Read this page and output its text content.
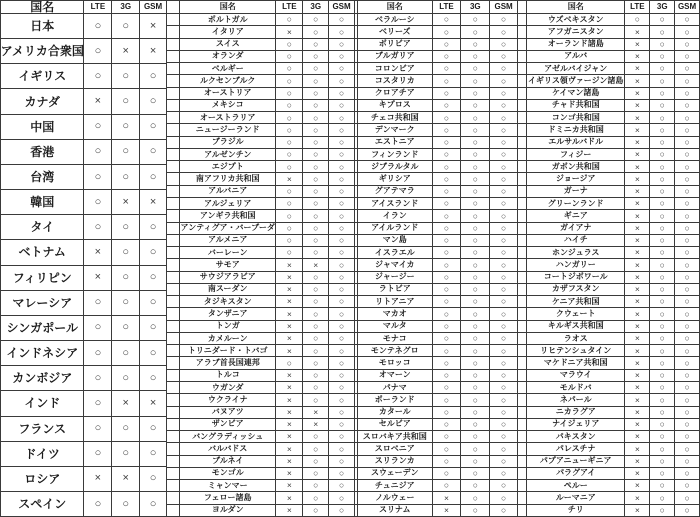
国名	LTE	3G	GSM
日本	○	○	×
アメリカ合衆国 ○	×	×
イギリス	○	○	○
カナダ	×	○	○
中国	○	○	○
香港	○	○	○
台湾	○	○	○
韓国	○	×	×
タイ	○	○	○
ベトナム	×	○	○
フィリピン	×	○	○
マレーシア	○	○	○
シンガポール	○	○	○
インドネシア	○	○	○
カンボジア	○	○	○
インド	○	×	×
フランス	○	○	○
ドイツ	○	○	○
ロシア	×	×	○
スペイン	○	○	○
国名	LTE	3G	GSM
ポルトガル	○	○	○
イタリア	×	○	○
スイス	○	○	○
オランダ	○	○	○
ベルギー	○	○	○
ルクセンブルク	○	○	○
オーストリア	○	○	○
メキシコ	○	○	○
オーストラリア	○	○	○
ニュージーランド	○	○	○
ブラジル	○	○	○
アルゼンチン	○	○	○
エジプト	○	○	○
南アフリカ共和国	×	○	○
アルバニア	○	○	○
アルジェリア	○	○	○
アンギラ共和国	○	○	○
アンティグア・バーブーダ	○	○	○
アルメニア	○	○	○
バーレーン	○	○	○
サモア	×	×	○
サウジアラビア	×	○	○
南スーダン	×	○	○
タジキスタン	×	○	○
タンザニア	×	○	○
トンガ	×	○	○
カメルーン	×	○	○
トリニダード・トバゴ	×	○	○
アラブ首長国連邦	○	○	○
トルコ	×	○	○
ウガンダ	×	○	○
ウクライナ	×	○	○
バヌアツ	×	×	○
ザンビア	×	×	○
バングラディッシュ	×	○	○
バルバドス	×	○	○
ブルネイ	×	○	○
モンゴル	×	○	○
ミャンマー	×	○	○
フェロー諸島	×	○	○
ヨルダン	×	○	○
国名	LTE	3G	GSM
ベラルーシ	○	○	○
ベリーズ	○	○	○
ボリビア	○	○	○
ブルガリア	○	○	○
コロンビア	○	○	○
コスタリカ	○	○	○
クロアチア	○	○	○
キプロス	○	○	○
チェコ共和国	○	○	○
デンマーク	○	○	○
エストニア	○	○	○
フィンランド	○	○	○
ジブラルタル	○	○	○
ギリシア	○	○	○
グアテマラ	○	○	○
アイスランド	○	○	○
イラン	○	○	○
アイルランド	○	○	○
マン島	○	○	○
イスラエル	○	○	○
ジャマイカ	○	○	○
ジャージー	○	○	○
ラトビア	○	○	○
リトアニア	○	○	○
マカオ	○	○	○
マルタ	○	○	○
モナコ	○	○	○
モンテネグロ	○	○	○
モロッコ	○	○	○
オマーン	○	○	○
パナマ	○	○	○
ポーランド	○	○	○
カタール	○	○	○
セルビア	○	○	○
スロバキア共和国	○	○	○
スロベニア	○	○	○
スリランカ	○	○	○
スウェーデン	○	○	○
チュニジア	○	○	○
ノルウェー	×	○	○
スリナム	×	○	○
国名	LTE	3G	GSM
ウズベキスタン	○	○	○
アフガニスタン	×	○	○
オーランド諸島	×	○	○
アルバ	×	○	○
アゼルバイジャン	×	○	○
イギリス領ヴァージン諸島	×	○	○
ケイマン諸島	×	○	○
チャド共和国	×	○	○
コンゴ共和国	×	○	○
ドミニカ共和国	×	○	○
エルサルバドル	×	○	○
フィジー	×	○	○
ガボン共和国	×	○	○
ジョージア	×	○	○
ガーナ	×	○	○
グリーンランド	×	○	○
ギニア	×	○	○
ガイアナ	×	○	○
ハイチ	×	○	○
ホンジュラス	×	○	○
ハンガリー	×	○	○
コートジボワール	×	○	○
カザフスタン	×	○	○
ケニア共和国	×	○	○
クウェート	×	○	○
キルギス共和国	×	○	○
ラオス	×	○	○
リヒテンシュタイン	×	○	○
マケドニア共和国	×	○	○
マラウイ	×	○	○
モルドバ	×	○	○
ネパール	×	○	○
ニカラグア	×	○	○
ナイジェリア	×	○	○
パキスタン	×	○	○
パレスチナ	×	○	○
パプアニューギニア	×	○	○
パラグアイ	×	○	○
ペルー	×	○	○
ルーマニア	×	○	○
チリ	×	○	○
